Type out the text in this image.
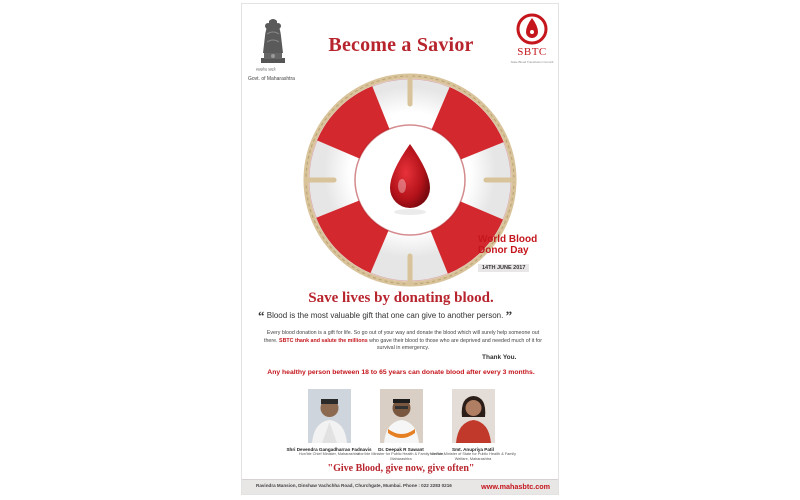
सत्यमेव जयते
Govt. of Maharashtra
Become a Savior	SBTC
State Blood Transfusion Council
World Blood
Donor Day
14TH JUNE 2017
Save lives by donating blood.
“ Blood is the most valuable gift that one can give to another person. ”
Every blood donation is a gift for life. So go out of your way and donate the blood which will surely help someone out there. SBTC thank and salute the millions who gave their blood to those who are deprived and needed much of it for survival in emergency.
Thank You.
Any healthy person between 18 to 65 years can donate blood after every 3 months.
Shri Devendra Gangadharrao Fadnavis
Hon'ble Chief Minister, Maharashtra
Dr. Deepak R Sawant
Hon'ble Minister for Public Health & Family Welfare, Maharashtra
Smt. Anupriya Patil
Hon'ble Minister of State for Public Health & Family Welfare, Maharashtra
"Give Blood, give now, give often"
Ravindra Mansion, Dinshaw Vachchha Road, Churchgate, Mumbai. Phone : 022 2283 0216	www.mahasbtc.com
